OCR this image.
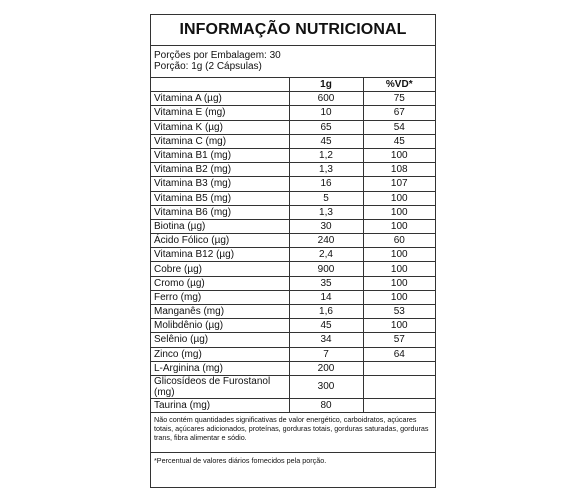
INFORMAÇÃO NUTRICIONAL
Porções por Embalagem: 30
Porção: 1g (2 Cápsulas)
	1g	%VD*
Vitamina A (µg)	600	75
Vitamina E (mg)	10	67
Vitamina K (µg)	65	54
Vitamina C (mg)	45	45
Vitamina B1 (mg)	1,2	100
Vitamina B2 (mg)	1,3	108
Vitamina B3 (mg)	16	107
Vitamina B5 (mg)	5	100
Vitamina B6 (mg)	1,3	100
Biotina (µg)	30	100
Ácido Fólico (µg)	240	60
Vitamina B12 (µg)	2,4	100
Cobre (µg)	900	100
Cromo (µg)	35	100
Ferro (mg)	14	100
Manganês (mg)	1,6	53
Molibdênio (µg)	45	100
Selênio (µg)	34	57
Zinco (mg)	7	64
L-Arginina (mg)	200	
Glicosídeos de Furostanol (mg)	300	
Taurina (mg)	80	
Não contém quantidades significativas de valor energético, carboidratos, açúcares totais, açúcares adicionados, proteínas, gorduras totais, gorduras saturadas, gorduras trans, fibra alimentar e sódio.
*Percentual de valores diários fornecidos pela porção.
